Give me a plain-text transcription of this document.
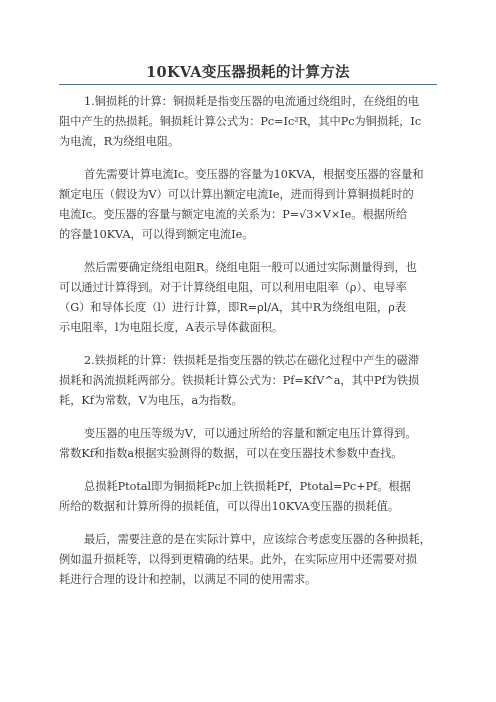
10KVA变压器损耗的计算方法

1.铜损耗的计算：铜损耗是指变压器的电流通过绕组时，在绕组的电
阻中产生的热损耗。铜损耗计算公式为：Pc=Ic²R，其中Pc为铜损耗，Ic
为电流，R为绕组电阻。

首先需要计算电流Ic。变压器的容量为10KVA，根据变压器的容量和
额定电压（假设为V）可以计算出额定电流Ie，进而得到计算铜损耗时的
电流Ic。变压器的容量与额定电流的关系为：P=√3×V×Ie。根据所给
的容量10KVA，可以得到额定电流Ie。

然后需要确定绕组电阻R。绕组电阻一般可以通过实际测量得到，也
可以通过计算得到。对于计算绕组电阻，可以利用电阻率（ρ）、电导率
（G）和导体长度（l）进行计算，即R=ρl/A，其中R为绕组电阻，ρ表
示电阻率，l为电阻长度，A表示导体截面积。

2.铁损耗的计算：铁损耗是指变压器的铁芯在磁化过程中产生的磁滞
损耗和涡流损耗两部分。铁损耗计算公式为：Pf=KfV^a，其中Pf为铁损
耗，Kf为常数，V为电压，a为指数。

变压器的电压等级为V，可以通过所给的容量和额定电压计算得到。
常数Kf和指数a根据实验测得的数据，可以在变压器技术参数中查找。

总损耗Ptotal即为铜损耗Pc加上铁损耗Pf，Ptotal=Pc+Pf。根据
所给的数据和计算所得的损耗值，可以得出10KVA变压器的损耗值。

最后，需要注意的是在实际计算中，应该综合考虑变压器的各种损耗，
例如温升损耗等，以得到更精确的结果。此外，在实际应用中还需要对损
耗进行合理的设计和控制，以满足不同的使用需求。
